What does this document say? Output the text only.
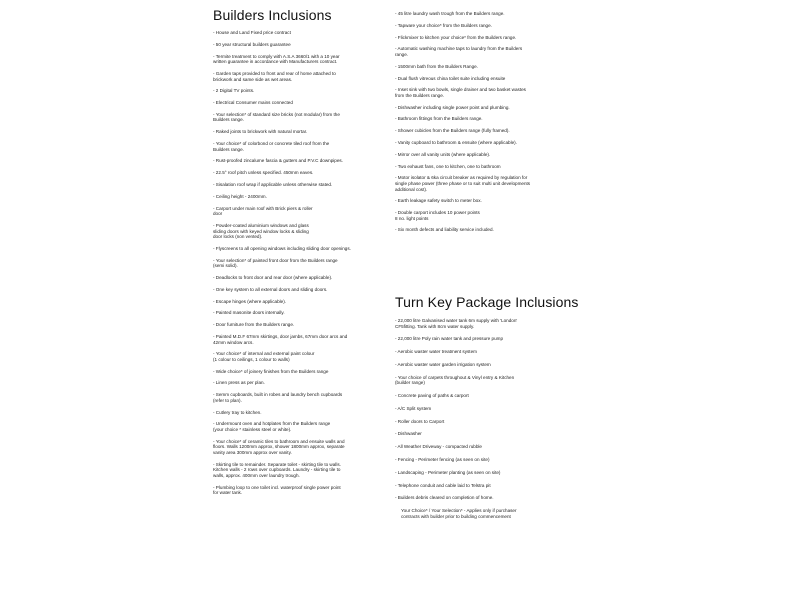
Builders Inclusions
- House and Land Fixed price contract
- 50 year structural builders guarantee
- Termite treatment to comply with A.S.A 3660/1 with a 10 year
written guarantee in accordance with Manufacturers contract.
- Garden taps provided to front and rear of home attached to
brickwork and same side as wet areas.
- 2 Digital TV points.
- Electrical Consumer mains connected
- Your selection* of standard size bricks (not modular) from the
Builders range.
- Raked joints to brickwork with natural mortar.
- Your choice* of colorbond or concrete tiled roof from the
Builders range.
- Rust-proofed zincalume fascia & gutters and P.V.C downpipes.
- 22.5° roof pitch unless specified. 450mm eaves.
- Sisalation roof wrap if applicable unless otherwise stated.
- Ceiling height - 2400mm.
- Carport under main roof with Brick piers & roller
door
- Powder-coated aluminium windows and glass
sliding doors with keyed window locks & sliding
door locks (non vented).
- Flyscreens to all opening windows including sliding door openings.
- Your selection* of painted front door from the Builders range
(semi solid).
- Deadlocks to front door and rear door (where applicable).
- One key system to all external doors and sliding doors.
- Escape hinges (where applicable).
- Painted masonite doors internally.
- Door furniture from the Builders range.
- Painted M.D.F 67mm skirtings, door jambs, 67mm door arcs and
42mm window arcs.
- Your choice* of internal and external paint colour
(1 colour to ceilings, 1 colour to walls)
- Wide choice* of joinery finishes from the Builders range
- Linen press as per plan.
- Semm cupboards, built in robes and laundry bench cupboards
(refer to plan).
- Cutlery tray to kitchen.
- Undermount oven and hotplates from the Builders range
(your choice * stainless steel or white).
- Your choice* of ceramic tiles to bathroom and ensuite walls and
floors. Walls 1200mm approx, shower 1800mm approx, separate
vanity area 300mm approx over vanity.
- Skirting tile to remainder. Separate toilet - skirting tile to walls.
Kitchen walls - 2 rows over cupboards. Laundry - skirting tile to
walls, approx. 400mm over laundry trough.
- Plumbing loop to one toilet incl. waterproof single power point
for water tank.
- 45 litre laundry wash trough from the Builders range.
- Tapware your choice* from the Builders range.
- Flickmixer to kitchen your choice* from the Builders range.
- Automatic washing machine taps to laundry from the Builders
range.
- 1500mm bath from the Builders Range.
- Dual flush vitreous china toilet suite including ensuite
- Inset sink with two bowls, single drainer and two basket wastes
from the Builders range.
- Dishwasher including single power point and plumbing.
- Bathroom fittings from the Builders range.
- Shower cubicles from the Builders range (fully framed).
- Vanity cupboard to bathroom & ensuite (where applicable).
- Mirror over all vanity units (where applicable).
- Two exhaust fans, one to kitchen, one to bathroom
- Motor isolator & 6ka circuit breaker as required by regulation for
single phase power (three phase or to suit multi unit developments
additional cost).
- Earth leakage safety switch to meter box.
- Double carport includes 10 power points
8 no. light points
- Six month defects and liability service included.
Turn Key Package Inclusions
- 22,000 litre Galvanised water tank 6m supply with 'London'
CF5fitting. Tank with 8cm water supply.
- 22,000 litre Poly rain water tank and pressure pump
- Aerobic waster water treatment system
- Aerobic waster water garden irrigation system
- Your choice of carpets throughout & Vinyl entry & Kitchen
(builder range)
- Concrete paving of paths & carport
- A/C Split system
- Roller doors to Carport
- Dishwasher
- All Weather Driveway - compacted rubble
- Fencing - Perimeter fencing (as seen on site)
- Landscaping - Perimeter planting (as seen on site)
- Telephone conduit and cable laid to Telstra pit
- Builders debris cleared on completion of home.
Your Choice* / Your Selection* - Applies only if purchaser
contracts with builder prior to building commencement
